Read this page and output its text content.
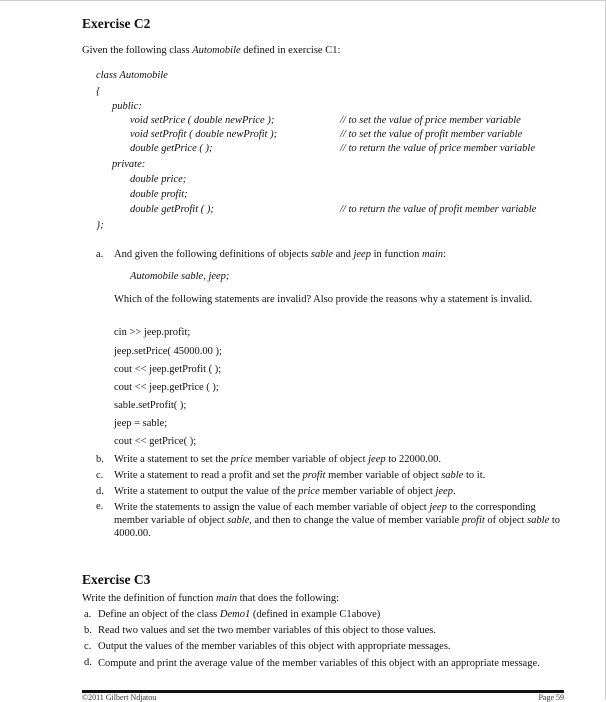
Exercise C2
Given the following class Automobile defined in exercise C1:
class Automobile
{
public:
void setPrice ( double newPrice );
void setProfit ( double newProfit );
double getPrice ( );
private:
double price;
double profit;
double getProfit ( );
};
// to set the value of price member variable
// to set the value of profit member variable
// to return the value of price member variable
// to return the value of profit member variable
a. And given the following definitions of objects sable and jeep in function main:
Automobile sable, jeep;
Which of the following statements are invalid? Also provide the reasons why a statement is invalid.
cin >> jeep.profit;
jeep.setPrice( 45000.00 );
cout << jeep.getProfit ( );
cout << jeep.getPrice ( );
sable.setProfit( );
jeep = sable;
cout << getPrice( );
b. Write a statement to set the price member variable of object jeep to 22000.00.
c. Write a statement to read a profit and set the profit member variable of object sable to it.
d. Write a statement to output the value of the price member variable of object jeep.
e. Write the statements to assign the value of each member variable of object jeep to the corresponding member variable of object sable, and then to change the value of member variable profit of object sable to 4000.00.
Exercise C3
Write the definition of function main that does the following:
a. Define an object of the class Demo1 (defined in example C1above)
b. Read two values and set the two member variables of this object to those values.
c. Output the values of the member variables of this object with appropriate messages.
d. Compute and print the average value of the member variables of this object with an appropriate message.
©2011 Gilbert Ndjatou	Page 59
